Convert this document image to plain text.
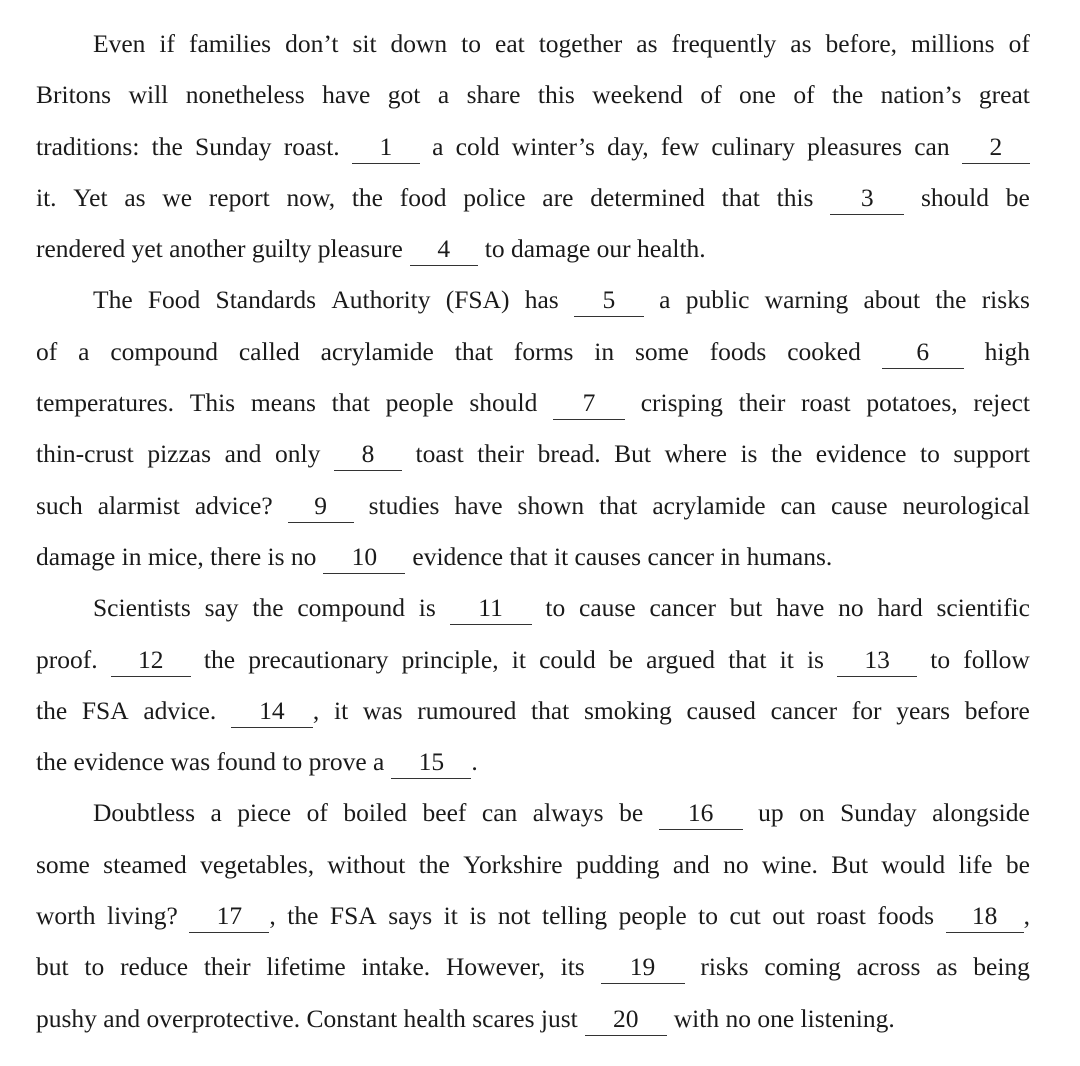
Even if families don’t sit down to eat together as frequently as before, millions of
Britons will nonetheless have got a share this weekend of one of the nation’s great
traditions: the Sunday roast.	1	a cold winter’s day, few culinary pleasures can	2
it. Yet as we report now, the food police are determined that this	3	should be
rendered yet another guilty pleasure	4	to damage our health.
The Food Standards Authority (FSA) has	5	a public warning about the risks
of a compound called acrylamide that forms in some foods cooked	6	high
temperatures. This means that people should	7	crisping their roast potatoes, reject
thin-crust pizzas and only	8	toast their bread. But where is the evidence to support
such alarmist advice?	9	studies have shown that acrylamide can cause neurological
damage in mice, there is no	10	evidence that it causes cancer in humans.
Scientists say the compound is	11	to cause cancer but have no hard scientific
proof.	12	the precautionary principle, it could be argued that it is	13	to follow
the FSA advice.	14 , it was rumoured that smoking caused cancer for years before
the evidence was found to prove a	15 .
Doubtless a piece of boiled beef can always be	16	up on Sunday alongside
some steamed vegetables, without the Yorkshire pudding and no wine. But would life be
worth living?	17 , the FSA says it is not telling people to cut out roast foods	18 ,
but to reduce their lifetime intake. However, its	19	risks coming across as being
pushy and overprotective. Constant health scares just	20	with no one listening.
